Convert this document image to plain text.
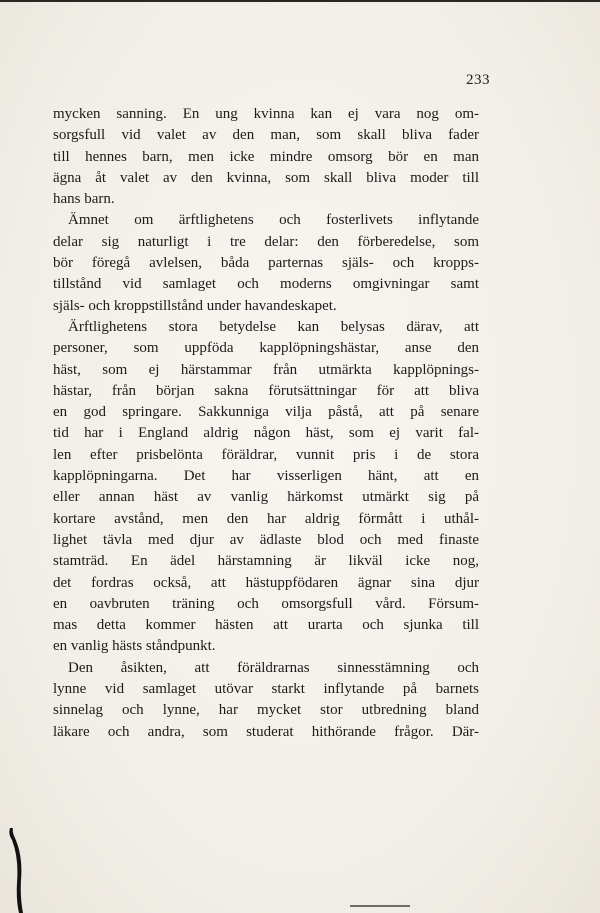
233
mycken sanning. En ung kvinna kan ej vara nog om-
sorgsfull vid valet av den man, som skall bliva fader
till hennes barn, men icke mindre omsorg bör en man
ägna åt valet av den kvinna, som skall bliva moder till
hans barn.
Ämnet om ärftlighetens och fosterlivets inflytande
delar sig naturligt i tre delar: den förberedelse, som
bör föregå avlelsen, båda parternas själs- och kropps-
tillstånd vid samlaget och moderns omgivningar samt
själs- och kroppstillstånd under havandeskapet.
Ärftlighetens stora betydelse kan belysas därav, att
personer, som uppföda kapplöpningshästar, anse den
häst, som ej härstammar från utmärkta kapplöpnings-
hästar, från början sakna förutsättningar för att bliva
en god springare. Sakkunniga vilja påstå, att på senare
tid har i England aldrig någon häst, som ej varit fal-
len efter prisbelönta föräldrar, vunnit pris i de stora
kapplöpningarna. Det har visserligen hänt, att en
eller annan häst av vanlig härkomst utmärkt sig på
kortare avstånd, men den har aldrig förmått i uthål-
lighet tävla med djur av ädlaste blod och med finaste
stamträd. En ädel härstamning är likväl icke nog,
det fordras också, att hästuppfödaren ägnar sina djur
en oavbruten träning och omsorgsfull vård. Försum-
mas detta kommer hästen att urarta och sjunka till
en vanlig hästs ståndpunkt.
Den åsikten, att föräldrarnas sinnesstämning och
lynne vid samlaget utövar starkt inflytande på barnets
sinnelag och lynne, har mycket stor utbredning bland
läkare och andra, som studerat hithörande frågor. Där-
